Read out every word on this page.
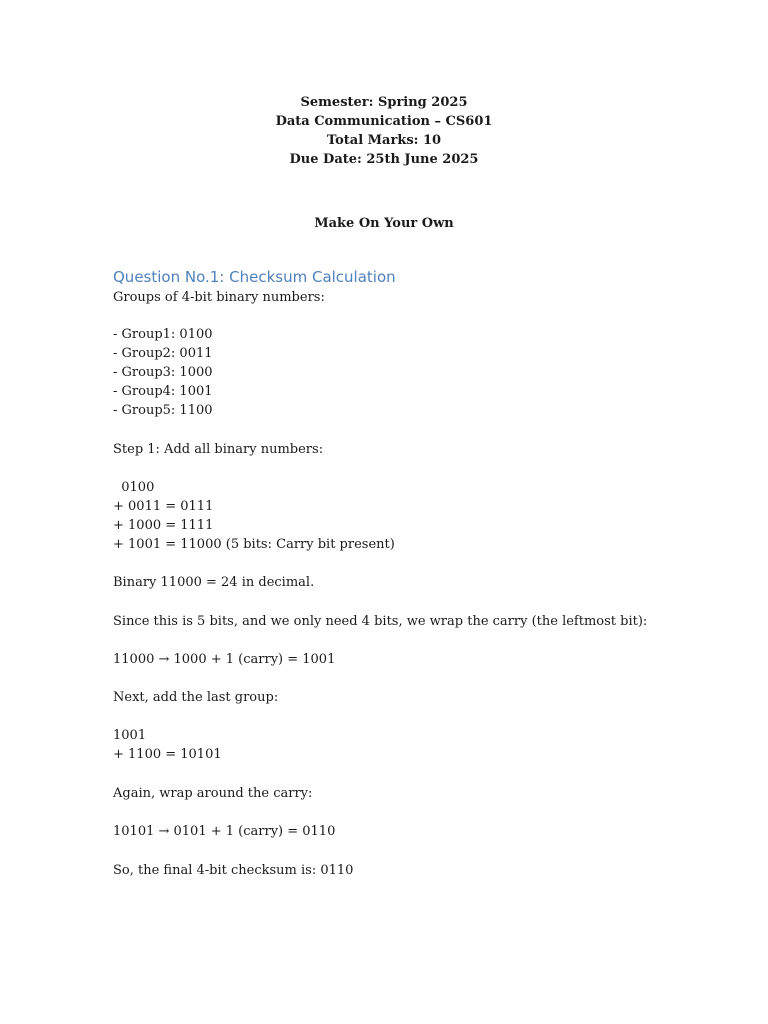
Semester: Spring 2025
Data Communication – CS601
Total Marks: 10
Due Date: 25th June 2025
Make On Your Own
Question No.1: Checksum Calculation
Groups of 4-bit binary numbers:
- Group1: 0100
- Group2: 0011
- Group3: 1000
- Group4: 1001
- Group5: 1100
Step 1: Add all binary numbers:
0100
+ 0011 = 0111
+ 1000 = 1111
+ 1001 = 11000 (5 bits: Carry bit present)
Binary 11000 = 24 in decimal.
Since this is 5 bits, and we only need 4 bits, we wrap the carry (the leftmost bit):
11000 → 1000 + 1 (carry) = 1001
Next, add the last group:
1001
+ 1100 = 10101
Again, wrap around the carry:
10101 → 0101 + 1 (carry) = 0110
So, the final 4-bit checksum is: 0110
